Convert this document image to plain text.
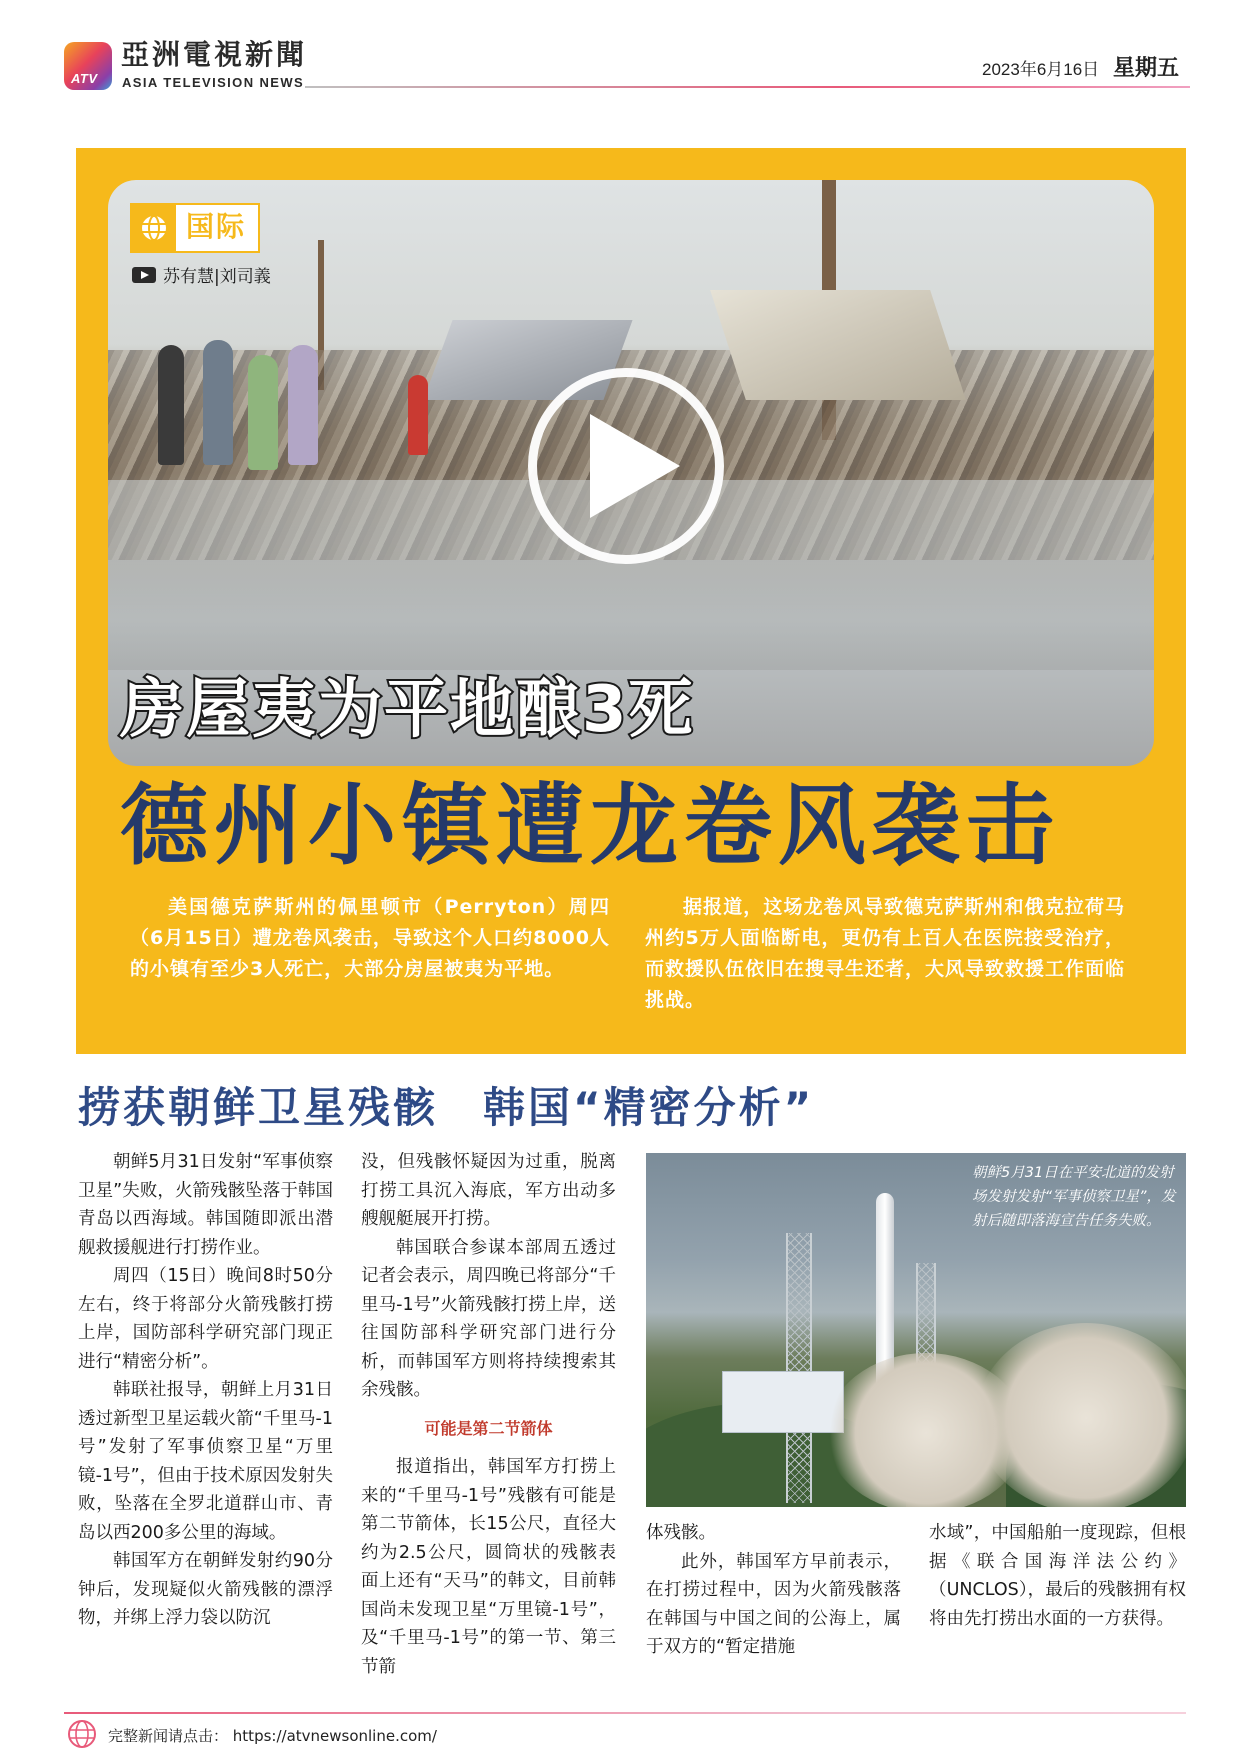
ATV
亞洲電視新聞
ASIA TELEVISION NEWS
2023年6月16日 星期五
国际
苏有慧|刘司義
房屋夷为平地酿3死
德州小镇遭龙卷风袭击
美国德克萨斯州的佩里顿市（Perryton）周四（6月15日）遭龙卷风袭击，导致这个人口约8000人的小镇有至少3人死亡，大部分房屋被夷为平地。
据报道，这场龙卷风导致德克萨斯州和俄克拉荷马州约5万人面临断电，更仍有上百人在医院接受治疗，而救援队伍依旧在搜寻生还者，大风导致救援工作面临挑战。
捞获朝鲜卫星残骸　韩国“精密分析”

朝鲜5月31日发射“军事侦察卫星”失败，火箭残骸坠落于韩国青岛以西海域。韩国随即派出潜舰救援舰进行打捞作业。

周四（15日）晚间8时50分左右，终于将部分火箭残骸打捞上岸，国防部科学研究部门现正进行“精密分析”。

韩联社报导，朝鲜上月31日透过新型卫星运载火箭“千里马-1号”发射了军事侦察卫星“万里镜-1号”，但由于技术原因发射失败，坠落在全罗北道群山市、青岛以西200多公里的海域。

韩国军方在朝鲜发射约90分钟后，发现疑似火箭残骸的漂浮物，并绑上浮力袋以防沉

没，但残骸怀疑因为过重，脱离打捞工具沉入海底，军方出动多艘舰艇展开打捞。

韩国联合参谋本部周五透过记者会表示，周四晚已将部分“千里马-1号”火箭残骸打捞上岸，送往国防部科学研究部门进行分析，而韩国军方则将持续搜索其余残骸。

可能是第二节箭体

报道指出，韩国军方打捞上来的“千里马-1号”残骸有可能是第二节箭体，长15公尺，直径大约为2.5公尺，圆筒状的残骸表面上还有“天马”的韩文，目前韩国尚未发现卫星“万里镜-1号”，及“千里马-1号”的第一节、第三节箭

朝鲜5月31日在平安北道的发射场发射发射“军事侦察卫星”，发射后随即落海宣告任务失败。

体残骸。

此外，韩国军方早前表示，在打捞过程中，因为火箭残骸落在韩国与中国之间的公海上，属于双方的“暂定措施

水域”，中国船舶一度现踪，但根据《联合国海洋法公约》（UNCLOS），最后的残骸拥有权将由先打捞出水面的一方获得。

完整新闻请点击： https://atvnewsonline.com/
